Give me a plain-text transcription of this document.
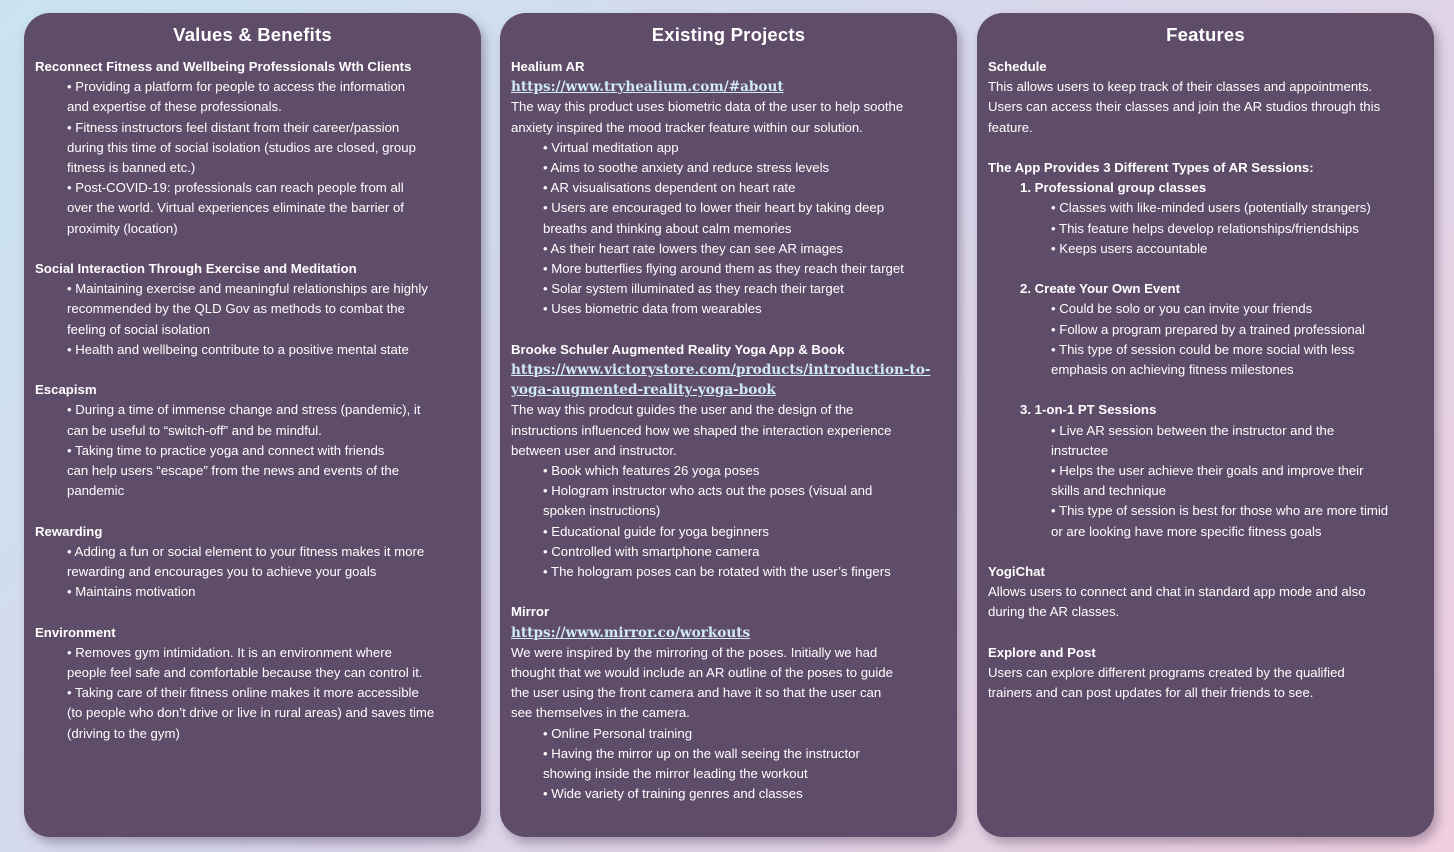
Values & Benefits
Reconnect Fitness and Wellbeing Professionals Wth Clients
• Providing a platform for people to access the information
and expertise of these professionals.
• Fitness instructors feel distant from their career/passion
during this time of social isolation (studios are closed, group
fitness is banned etc.)
• Post-COVID-19: professionals can reach people from all
over the world. Virtual experiences eliminate the barrier of
proximity (location)
Social Interaction Through Exercise and Meditation
• Maintaining exercise and meaningful relationships are highly
recommended by the QLD Gov as methods to combat the
feeling of social isolation
• Health and wellbeing contribute to a positive mental state
Escapism
• During a time of immense change and stress (pandemic), it
can be useful to “switch-off” and be mindful.
• Taking time to practice yoga and connect with friends
can help users “escape” from the news and events of the
pandemic
Rewarding
• Adding a fun or social element to your fitness makes it more
rewarding and encourages you to achieve your goals
• Maintains motivation
Environment
• Removes gym intimidation. It is an environment where
people feel safe and comfortable because they can control it.
• Taking care of their fitness online makes it more accessible
(to people who don’t drive or live in rural areas) and saves time
(driving to the gym)
Existing Projects
Healium AR
https://www.tryhealium.com/#about
The way this product uses biometric data of the user to help soothe
anxiety inspired the mood tracker feature within our solution.
• Virtual meditation app
• Aims to soothe anxiety and reduce stress levels
• AR visualisations dependent on heart rate
• Users are encouraged to lower their heart by taking deep
breaths and thinking about calm memories
• As their heart rate lowers they can see AR images
• More butterflies flying around them as they reach their target
• Solar system illuminated as they reach their target
• Uses biometric data from wearables
Brooke Schuler Augmented Reality Yoga App & Book
https://www.victorystore.com/products/introduction-to-
yoga-augmented-reality-yoga-book
The way this prodcut guides the user and the design of the
instructions influenced how we shaped the interaction experience
between user and instructor.
• Book which features 26 yoga poses
• Hologram instructor who acts out the poses (visual and
spoken instructions)
• Educational guide for yoga beginners
• Controlled with smartphone camera
• The hologram poses can be rotated with the user’s fingers
Mirror
https://www.mirror.co/workouts
We were inspired by the mirroring of the poses. Initially we had
thought that we would include an AR outline of the poses to guide
the user using the front camera and have it so that the user can
see themselves in the camera.
• Online Personal training
• Having the mirror up on the wall seeing the instructor
showing inside the mirror leading the workout
• Wide variety of training genres and classes
Features
Schedule
This allows users to keep track of their classes and appointments.
Users can access their classes and join the AR studios through this
feature.
The App Provides 3 Different Types of AR Sessions:
1. Professional group classes
• Classes with like-minded users (potentially strangers)
• This feature helps develop relationships/friendships
• Keeps users accountable
2. Create Your Own Event
• Could be solo or you can invite your friends
• Follow a program prepared by a trained professional
• This type of session could be more social with less
emphasis on achieving fitness milestones
3. 1-on-1 PT Sessions
• Live AR session between the instructor and the
instructee
• Helps the user achieve their goals and improve their
skills and technique
• This type of session is best for those who are more timid
or are looking have more specific fitness goals
YogiChat
Allows users to connect and chat in standard app mode and also
during the AR classes.
Explore and Post
Users can explore different programs created by the qualified
trainers and can post updates for all their friends to see.
